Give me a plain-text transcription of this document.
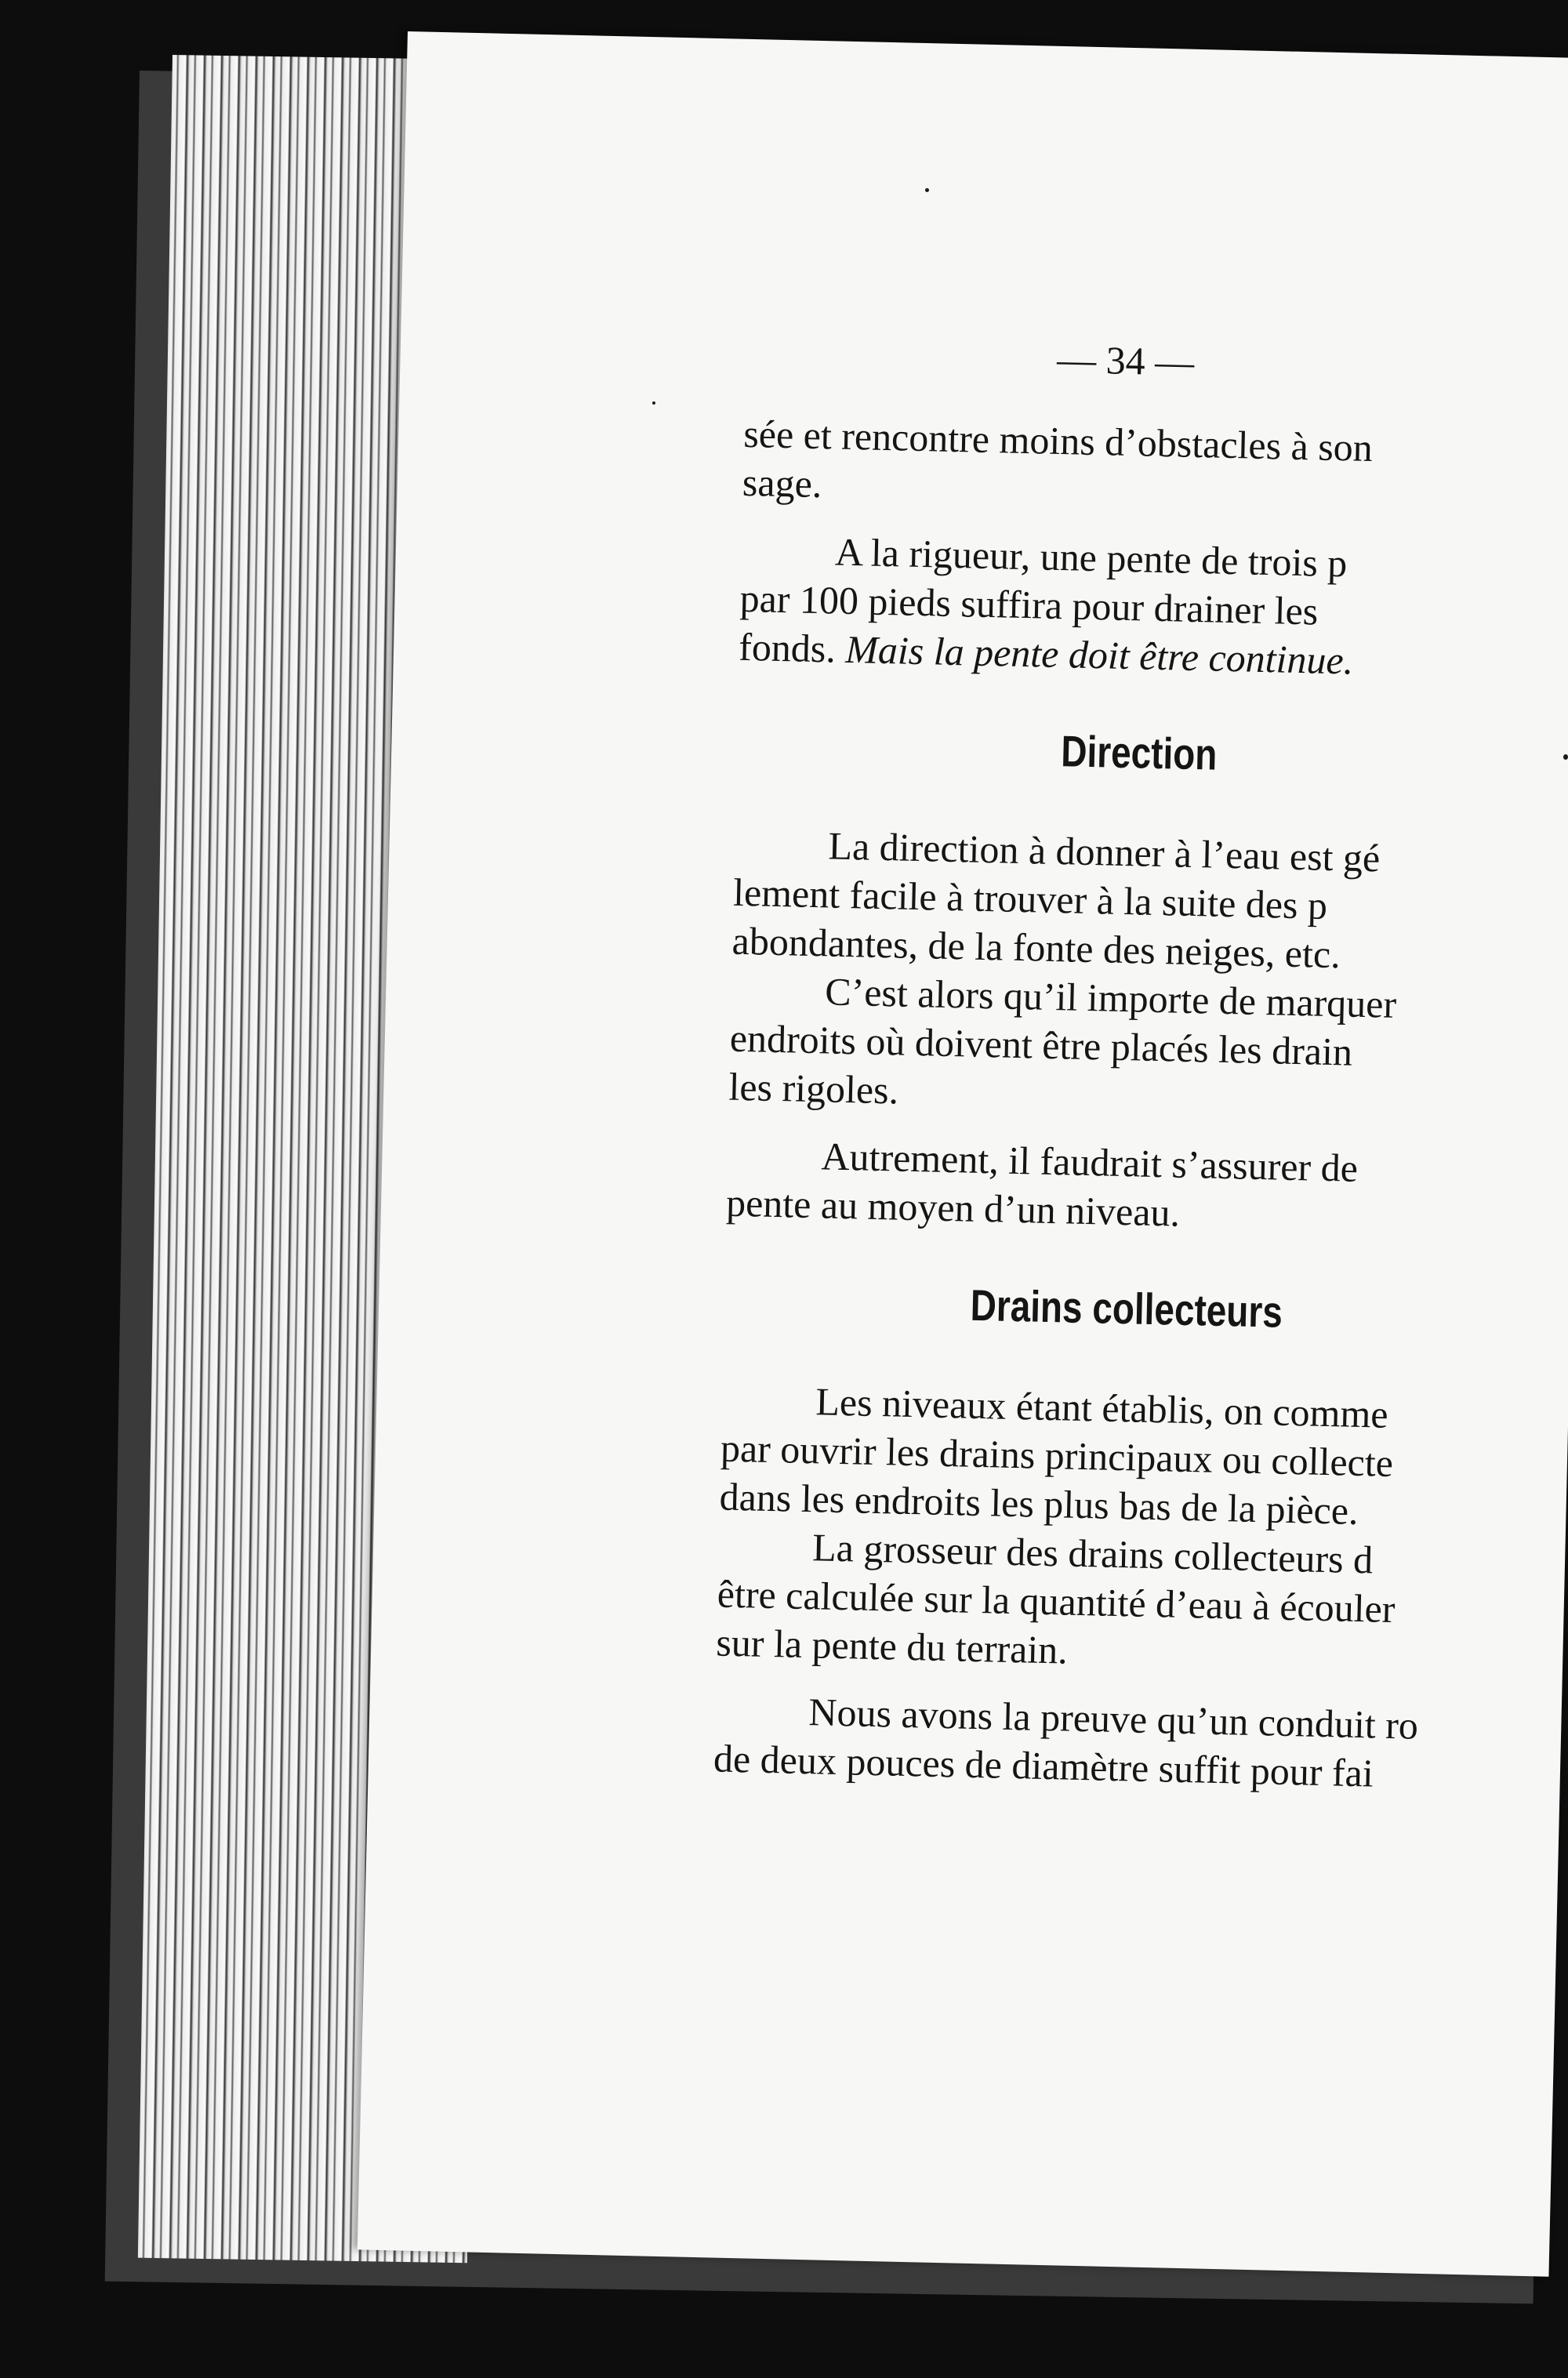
— 34 —

sée et rencontre moins d’obstacles à son

sage.

A la rigueur, une pente de trois p

par 100 pieds suffira pour drainer les

fonds. Mais la pente doit être continue.

Direction

La direction à donner à l’eau est gé

lement facile à trouver à la suite des p

abondantes, de la fonte des neiges, etc.

C’est alors qu’il importe de marquer

endroits où doivent être placés les drain

les rigoles.

Autrement, il faudrait s’assurer de

pente au moyen d’un niveau.

Drains collecteurs

Les niveaux étant établis, on comme

par ouvrir les drains principaux ou collecte

dans les endroits les plus bas de la pièce.

La grosseur des drains collecteurs d

être calculée sur la quantité d’eau à écouler

sur la pente du terrain.

Nous avons la preuve qu’un conduit ro

de deux pouces de diamètre suffit pour fai
